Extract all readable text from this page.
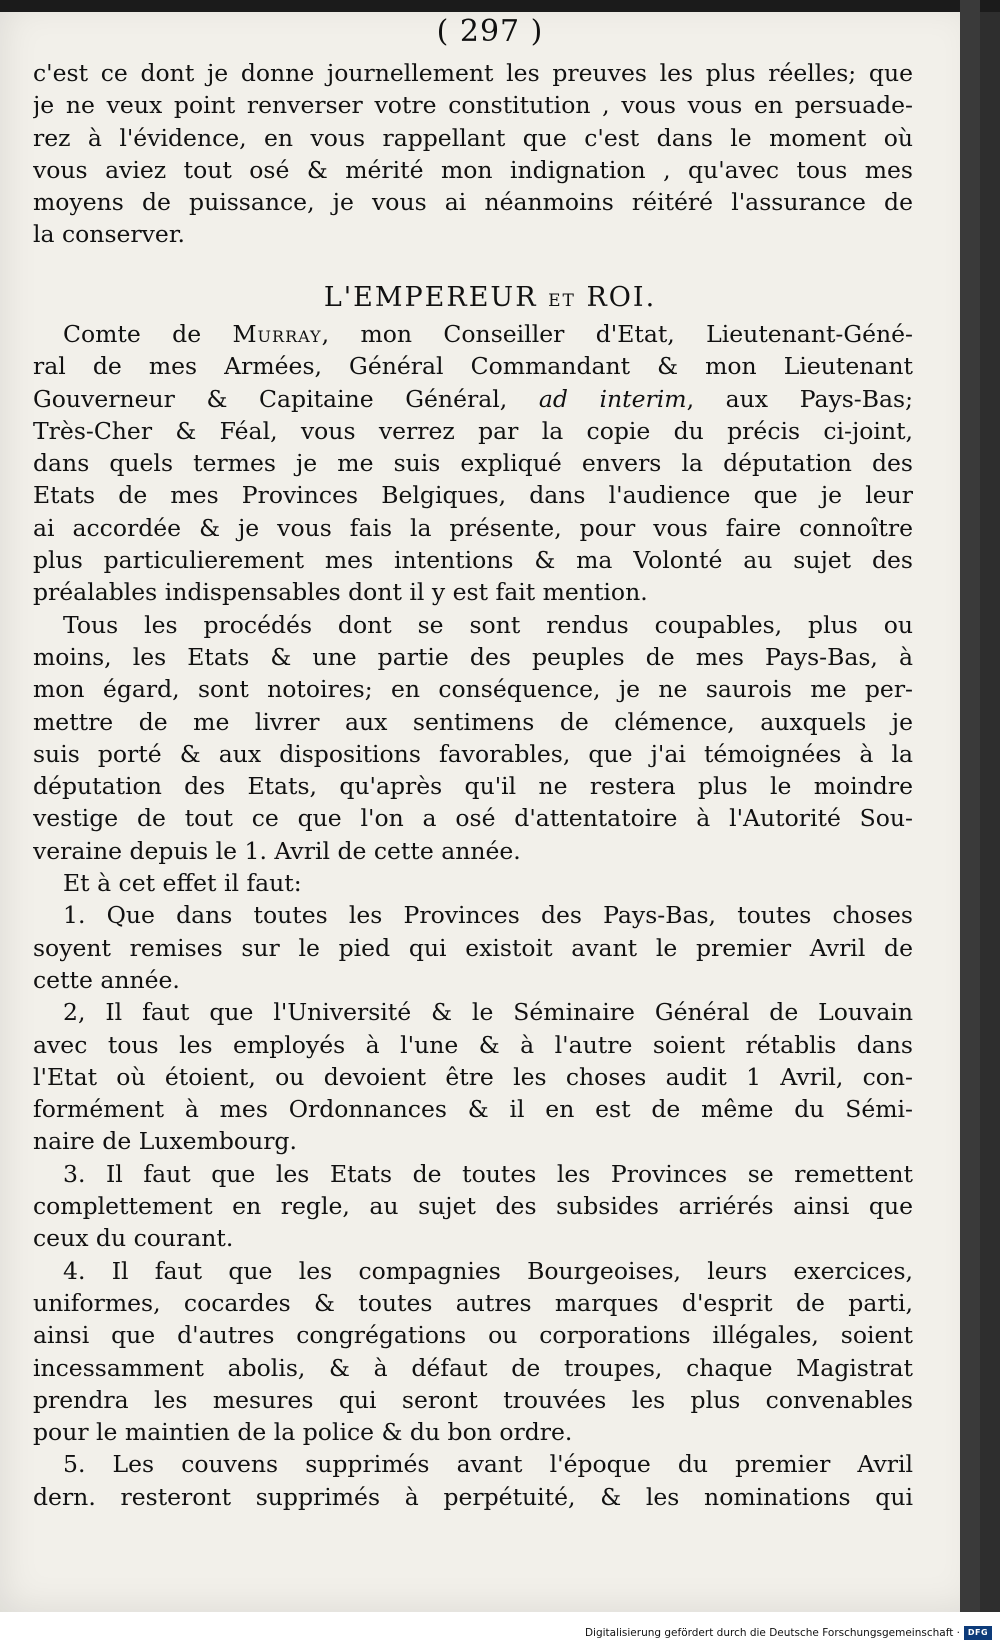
( 297 )
c'est ce dont je donne journellement les preuves les plus réelles; que
je ne veux point renverser votre constitution , vous vous en persuade-
rez à l'évidence, en vous rappellant que c'est dans le moment où
vous aviez tout osé & mérité mon indignation , qu'avec tous mes
moyens de puissance, je vous ai néanmoins réitéré l'assurance de
la conserver.
L'EMPEREUR ET ROI.
Comte de Murray, mon Conseiller d'Etat, Lieutenant-Géné-
ral de mes Armées, Général Commandant & mon Lieutenant
Gouverneur & Capitaine Général, ad interim, aux Pays-Bas;
Très-Cher & Féal, vous verrez par la copie du précis ci-joint,
dans quels termes je me suis expliqué envers la députation des
Etats de mes Provinces Belgiques, dans l'audience que je leur
ai accordée & je vous fais la présente, pour vous faire connoître
plus particulierement mes intentions & ma Volonté au sujet des
préalables indispensables dont il y est fait mention.
Tous les procédés dont se sont rendus coupables, plus ou
moins, les Etats & une partie des peuples de mes Pays-Bas, à
mon égard, sont notoires; en conséquence, je ne saurois me per-
mettre de me livrer aux sentimens de clémence, auxquels je
suis porté & aux dispositions favorables, que j'ai témoignées à la
députation des Etats, qu'après qu'il ne restera plus le moindre
vestige de tout ce que l'on a osé d'attentatoire à l'Autorité Sou-
veraine depuis le 1. Avril de cette année.
Et à cet effet il faut:
1. Que dans toutes les Provinces des Pays-Bas, toutes choses
soyent remises sur le pied qui existoit avant le premier Avril de
cette année.
2, Il faut que l'Université & le Séminaire Général de Louvain
avec tous les employés à l'une & à l'autre soient rétablis dans
l'Etat où étoient, ou devoient être les choses audit 1 Avril, con-
formément à mes Ordonnances & il en est de même du Sémi-
naire de Luxembourg.
3. Il faut que les Etats de toutes les Provinces se remettent
complettement en regle, au sujet des subsides arriérés ainsi que
ceux du courant.
4. Il faut que les compagnies Bourgeoises, leurs exercices,
uniformes, cocardes & toutes autres marques d'esprit de parti,
ainsi que d'autres congrégations ou corporations illégales, soient
incessamment abolis, & à défaut de troupes, chaque Magistrat
prendra les mesures qui seront trouvées les plus convenables
pour le maintien de la police & du bon ordre.
5. Les couvens supprimés avant l'époque du premier Avril
dern. resteront supprimés à perpétuité, & les nominations qui
Digitalisierung gefördert durch die Deutsche Forschungsgemeinschaft · DFG
